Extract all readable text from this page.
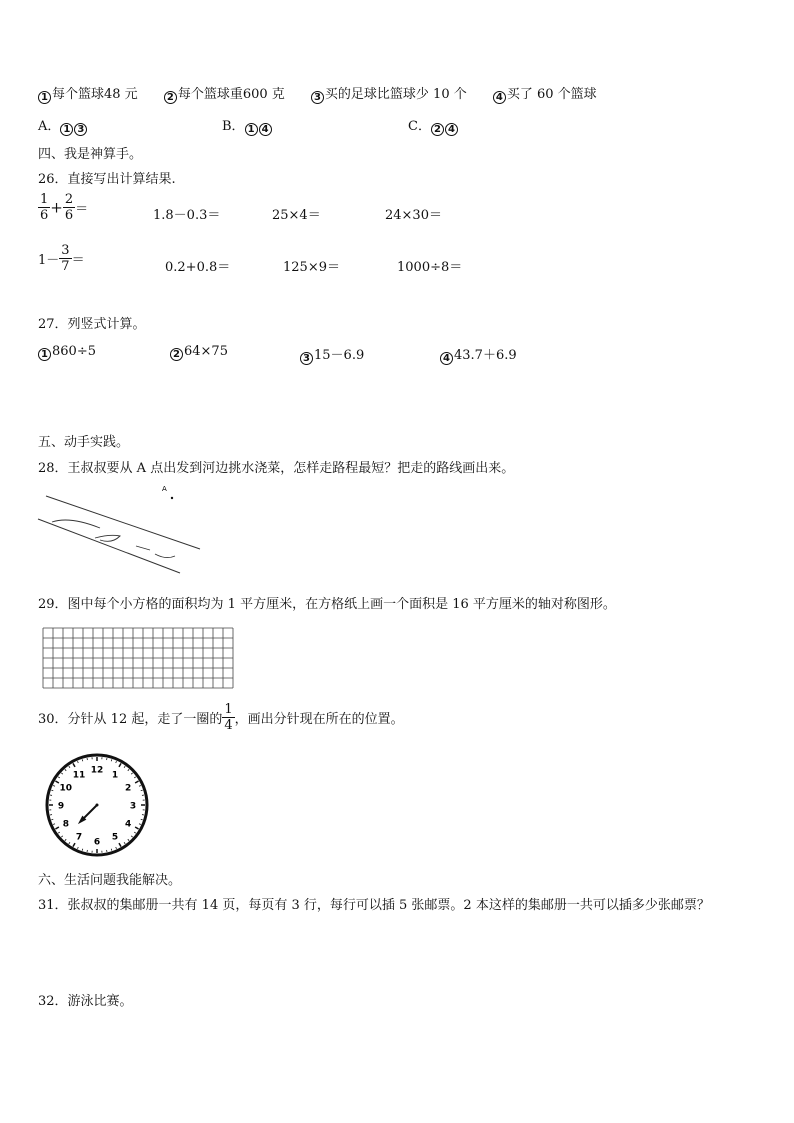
1 每个篮球48 元	2 每个篮球重600 克	3 买的足球比篮球少 10 个	4 买了 60 个篮球
A． 1 3	B． 1 4	C． 2 4
四、我是神算手。
26．直接写出计算结果.
$\frac{1}{6} + \frac{2}{6}$ ＝	1.8－0.3＝	25×4＝	24×30＝
$1- \frac{3}{7}$ ＝	0.2+0.8＝	125×9＝	1000÷8＝
27．列竖式计算。
1 860÷5	2 64×75	3 15－6.9	4 43.7＋6.9
五、动手实践。
28．王叔叔要从 A 点出发到河边挑水浇菜，怎样走路程最短？把走的路线画出来。
A
29．图中每个小方格的面积均为 1 平方厘米，在方格纸上画一个面积是 16 平方厘米的轴对称图形。
30．分针从 12 起，走了一圈的 $\frac{1}{4}$ ，画出分针现在所在的位置。
12 1
2
3
4
5
6
7
8
9
10
11
六、生活问题我能解决。
31．张叔叔的集邮册一共有 14 页，每页有 3 行，每行可以插 5 张邮票。2 本这样的集邮册一共可以插多少张邮票？
32．游泳比赛。
